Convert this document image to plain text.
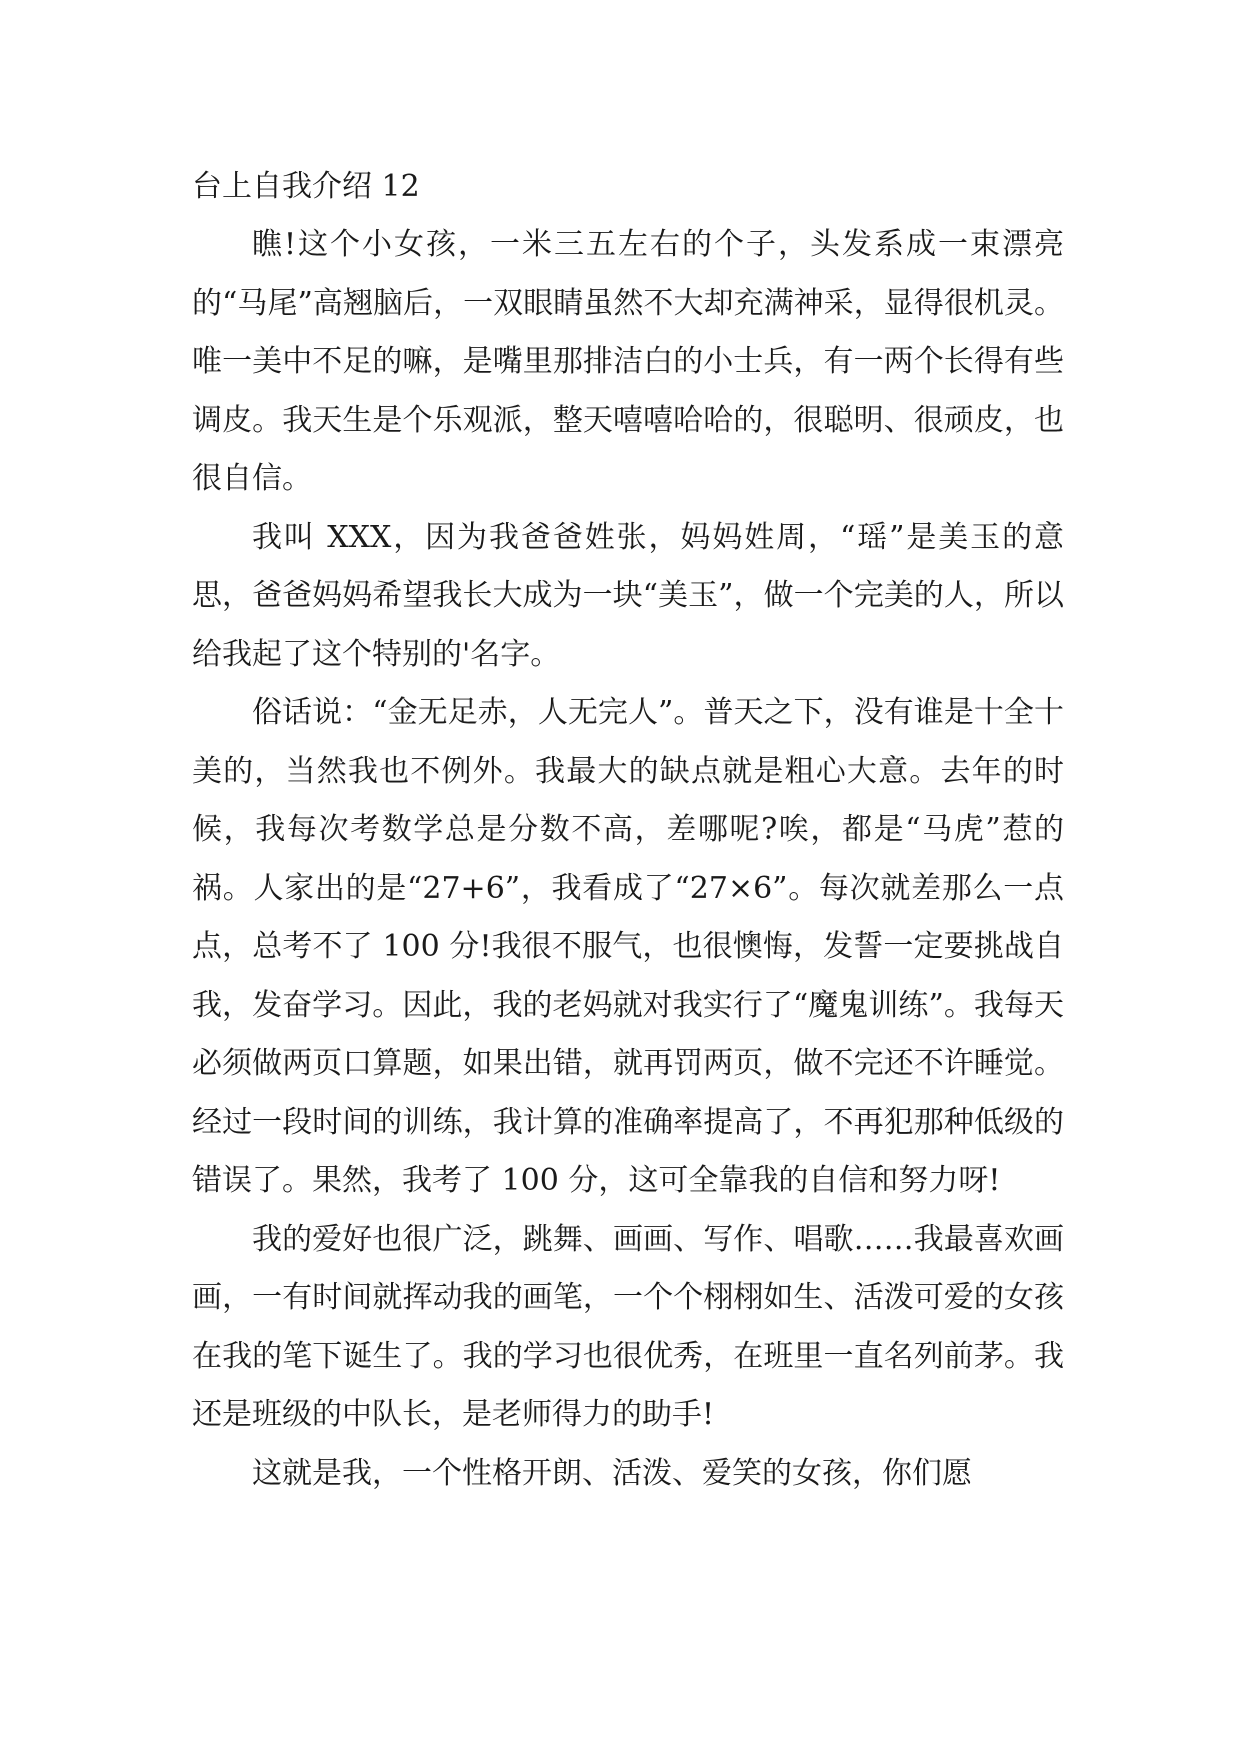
台上自我介绍 12

瞧!这个小女孩，一米三五左右的个子，头发系成一束漂亮的“马尾”高翘脑后，一双眼睛虽然不大却充满神采，显得很机灵。唯一美中不足的嘛，是嘴里那排洁白的小士兵，有一两个长得有些调皮。我天生是个乐观派，整天嘻嘻哈哈的，很聪明、很顽皮，也很自信。

我叫 XXX，因为我爸爸姓张，妈妈姓周，“瑶”是美玉的意思，爸爸妈妈希望我长大成为一块“美玉”，做一个完美的人，所以给我起了这个特别的'名字。

俗话说：“金无足赤，人无完人”。普天之下，没有谁是十全十美的，当然我也不例外。我最大的缺点就是粗心大意。去年的时候，我每次考数学总是分数不高，差哪呢?唉，都是“马虎”惹的祸。人家出的是“27+6”，我看成了“27×6”。每次就差那么一点点，总考不了 100 分!我很不服气，也很懊悔，发誓一定要挑战自我，发奋学习。因此，我的老妈就对我实行了“魔鬼训练”。我每天必须做两页口算题，如果出错，就再罚两页，做不完还不许睡觉。经过一段时间的训练，我计算的准确率提高了，不再犯那种低级的错误了。果然，我考了 100 分，这可全靠我的自信和努力呀!

我的爱好也很广泛，跳舞、画画、写作、唱歌……我最喜欢画画，一有时间就挥动我的画笔，一个个栩栩如生、活泼可爱的女孩在我的笔下诞生了。我的学习也很优秀，在班里一直名列前茅。我还是班级的中队长，是老师得力的助手!

这就是我，一个性格开朗、活泼、爱笑的女孩，你们愿
